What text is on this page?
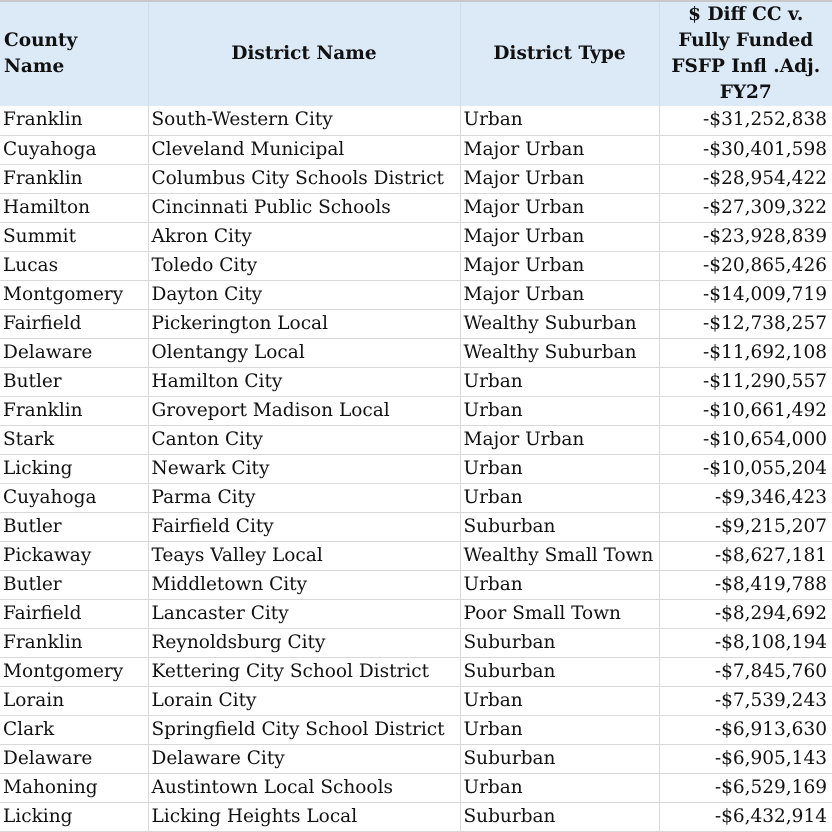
County Name	District Name	District Type	$ Diff CC v.
Fully Funded
FSFP Infl .Adj.
FY27

Franklin	South-Western City	Urban	-$31,252,838
Cuyahoga	Cleveland Municipal	Major Urban	-$30,401,598
Franklin	Columbus City Schools District	Major Urban	-$28,954,422
Hamilton	Cincinnati Public Schools	Major Urban	-$27,309,322
Summit	Akron City	Major Urban	-$23,928,839
Lucas	Toledo City	Major Urban	-$20,865,426
Montgomery	Dayton City	Major Urban	-$14,009,719
Fairfield	Pickerington Local	Wealthy Suburban	-$12,738,257
Delaware	Olentangy Local	Wealthy Suburban	-$11,692,108
Butler	Hamilton City	Urban	-$11,290,557
Franklin	Groveport Madison Local	Urban	-$10,661,492
Stark	Canton City	Major Urban	-$10,654,000
Licking	Newark City	Urban	-$10,055,204
Cuyahoga	Parma City	Urban	-$9,346,423
Butler	Fairfield City	Suburban	-$9,215,207
Pickaway	Teays Valley Local	Wealthy Small Town	-$8,627,181
Butler	Middletown City	Urban	-$8,419,788
Fairfield	Lancaster City	Poor Small Town	-$8,294,692
Franklin	Reynoldsburg City	Suburban	-$8,108,194
Montgomery	Kettering City School District	Suburban	-$7,845,760
Lorain	Lorain City	Urban	-$7,539,243
Clark	Springfield City School District	Urban	-$6,913,630
Delaware	Delaware City	Suburban	-$6,905,143
Mahoning	Austintown Local Schools	Urban	-$6,529,169
Licking	Licking Heights Local	Suburban	-$6,432,914
